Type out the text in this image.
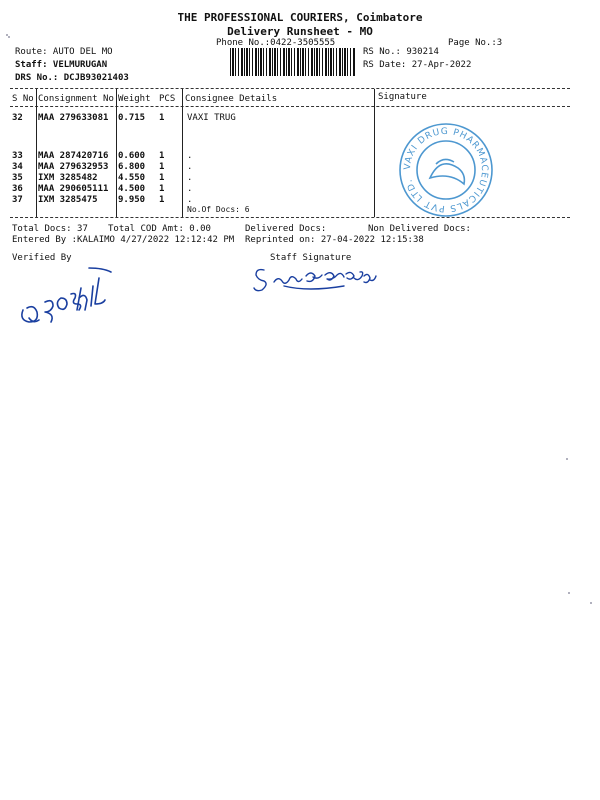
THE PROFESSIONAL COURIERS, Coimbatore
Delivery Runsheet - MO
Phone No.:0422-3505555	Page No.:3
Route: AUTO DEL MO
Staff: VELMURUGAN
DRS No.: DCJB93021403
RS No.: 930214
RS Date: 27-Apr-2022
S No Consignment No Weight PCS Consignee Details	Signature
32 MAA 279633081 0.715 1	VAXI TRUG
33 MAA 287420716 0.600 1	.
34 MAA 279632953 6.800 1	.
35 IXM 3285482 4.550 1	.
36 MAA 290605111 4.500 1	.
37 IXM 3285475 9.950 1	.
No.Of Docs: 6
VAXI DRUG PHARMACEUTICALS PVT LTD.
Total Docs: 37 Total COD Amt: 0.00	Delivered Docs:	Non Delivered Docs:
Entered By :KALAIMO 4/27/2022 12:12:42 PM Reprinted on: 27-04-2022 12:15:38
Verified By	Staff Signature
